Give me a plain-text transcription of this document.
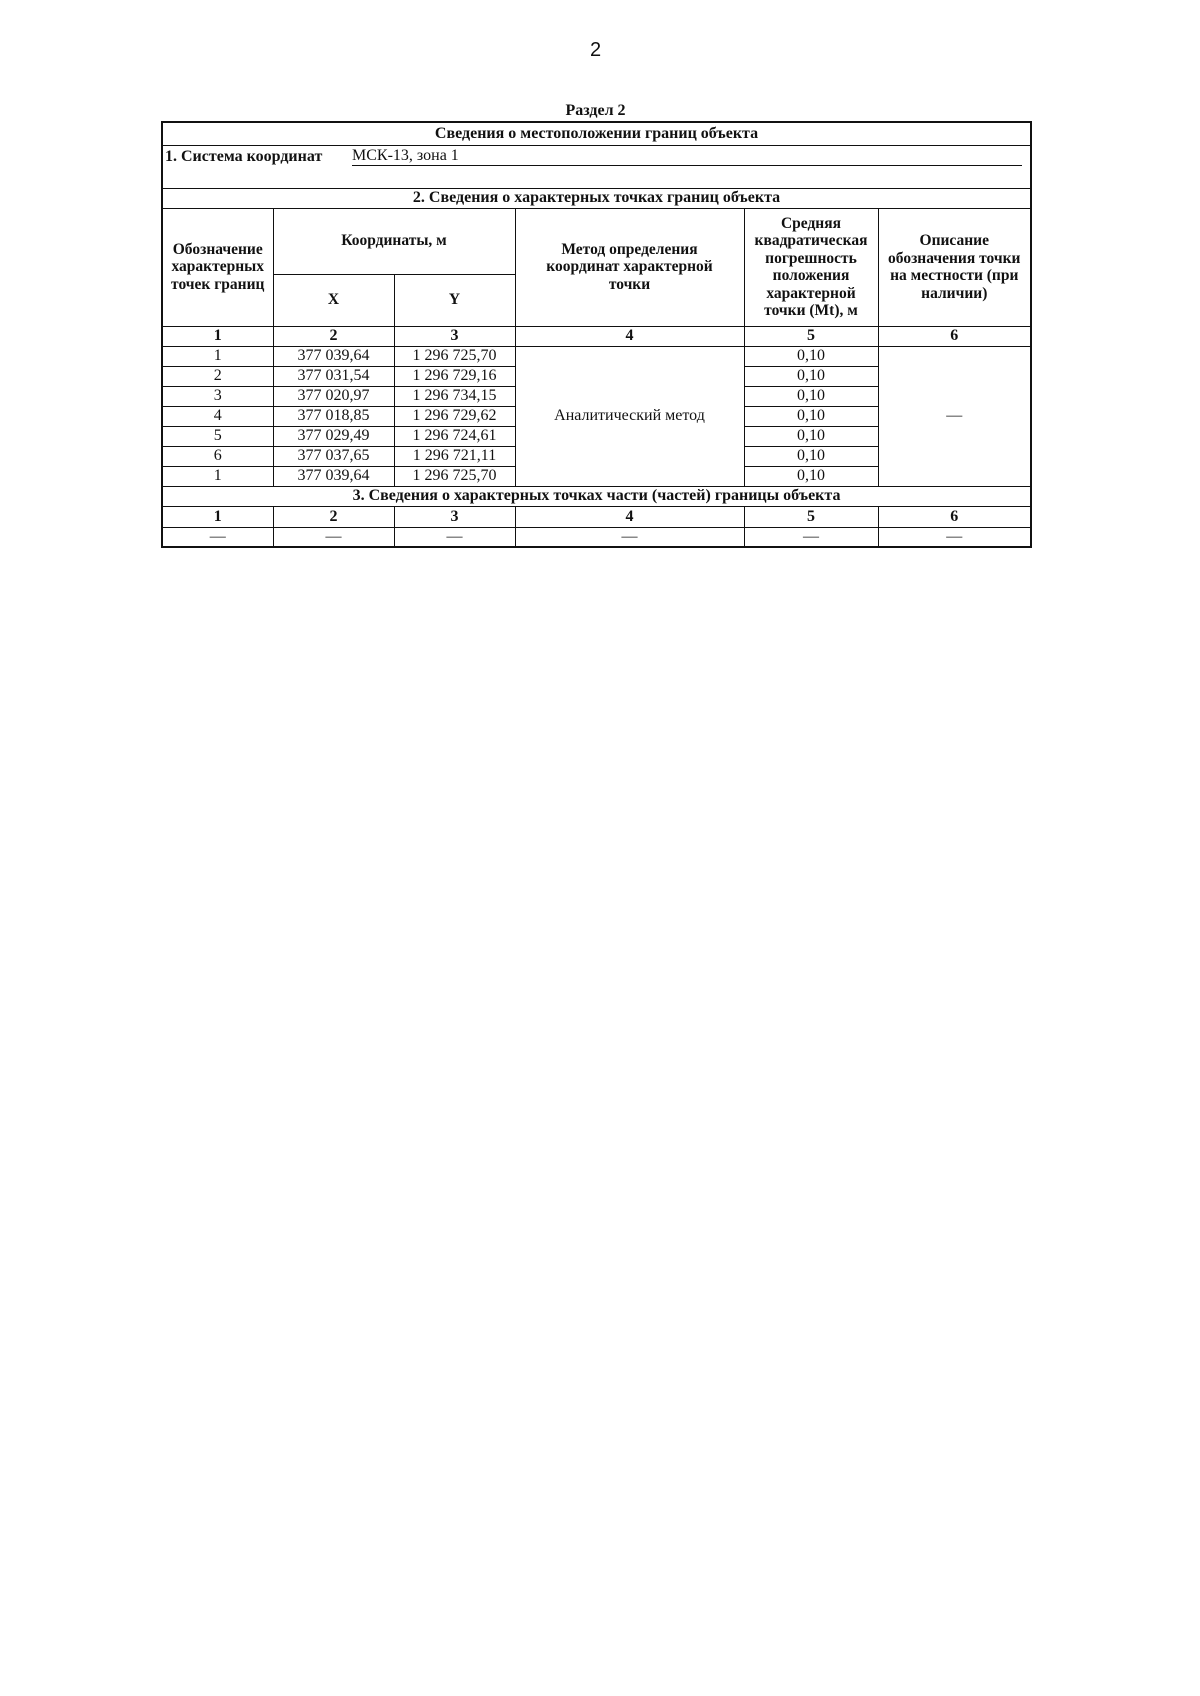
2
Раздел 2
Сведения о местоположении границ объекта					

1. Система координат МСК-13, зона 1					

2. Сведения о характерных точках границ объекта					
Обозначение характерных точек границ	Координаты, м		Метод определения координат характерной точки	Средняя квадратическая погрешность положения характерной точки (Mt), м	Описание обозначения точки на местности (при наличии)
	X	Y			
1	2	3	4	5	6
1	377 039,64	1 296 725,70	Аналитический метод	0,10	—
2	377 031,54	1 296 729,16		0,10	
3	377 020,97	1 296 734,15		0,10	
4	377 018,85	1 296 729,62		0,10	
5	377 029,49	1 296 724,61		0,10	
6	377 037,65	1 296 721,11		0,10	
1	377 039,64	1 296 725,70		0,10	
3. Сведения о характерных точках части (частей) границы объекта					
1	2	3	4	5	6
—	—	—	—	—	—
